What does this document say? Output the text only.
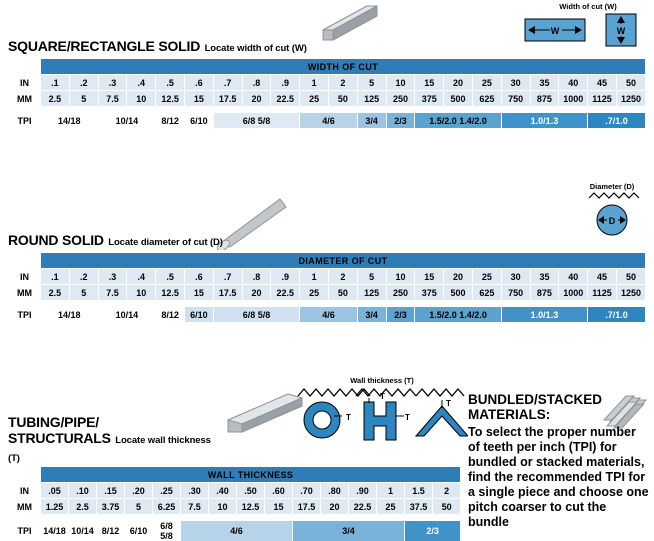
Width of cut (W)
W	W
SQUARE/RECTANGLE SOLID Locate width of cut (W)
	WIDTH OF CUT																				
IN	.1	.2	.3	.4	.5	.6	.7	.8	.9	1	2	5	10	15	20	25	30	35	40	45	50
MM	2.5	5	7.5	10	12.5	15	17.5	20	22.5	25	50	125	250	375	500	625	750	875	1000	1125	1250

TPI	14/18		10/14		8/12	6/10	6/8 5/8			4/6		3/4	2/3	1.5/2.0 1.4/2.0			1.0/1.3			.7/1.0	
Diameter (D)
D
ROUND SOLID Locate diameter of cut (D)
	DIAMETER OF CUT																				
IN	.1	.2	.3	.4	.5	.6	.7	.8	.9	1	2	5	10	15	20	25	30	35	40	45	50
MM	2.5	5	7.5	10	12.5	15	17.5	20	22.5	25	50	125	250	375	500	625	750	875	1000	1125	1250

TPI	14/18		10/14		8/12	6/10	6/8 5/8			4/6		3/4	2/3	1.5/2.0 1.4/2.0			1.0/1.3			.7/1.0	
Wall thickness (T)
T
T
T
T
TUBING/PIPE/
STRUCTURALS Locate wall thickness (T)
	WALL THICKNESS														
IN	.05	.10	.15	.20	.25	.30	.40	.50	.60	.70	.80	.90	1	1.5	2
MM	1.25	2.5	3.75	5	6.25	7.5	10	12.5	15	17.5	20	22.5	25	37.5	50

TPI	14/18	10/14	8/12	6/10	6/8 5/8	4/6				3/4				2/3	
BUNDLED/STACKED
MATERIALS:
To select the proper number of teeth per inch (TPI) for bundled or stacked materials, find the recommended TPI for a single piece and choose one pitch coarser to cut the bundle
